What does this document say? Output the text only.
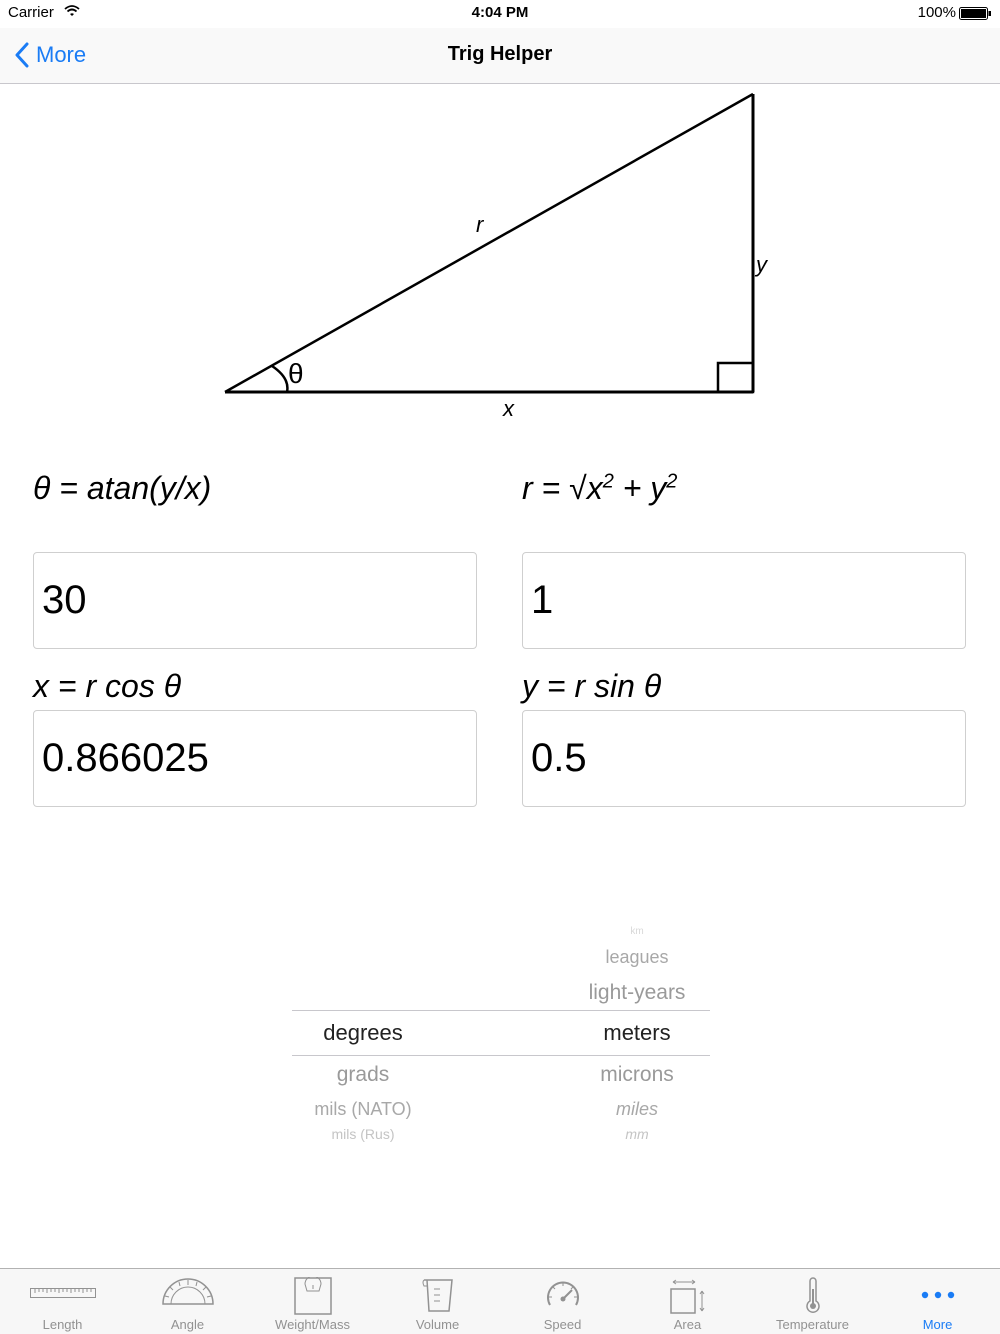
Carrier	4:04 PM	100%
More	Trig Helper
r
y
x
θ
θ = atan(y/x)	$r = √x^2 + y^2$
30
1
x = r cos θ	y = r sin θ
0.866025
0.5
degrees
grads
mils (NATO)
mils (Rus)
km
leagues
light-years
meters
microns
miles
mm
Length	Angle	Weight/Mass	Volume	Speed	Area	Temperature	More
